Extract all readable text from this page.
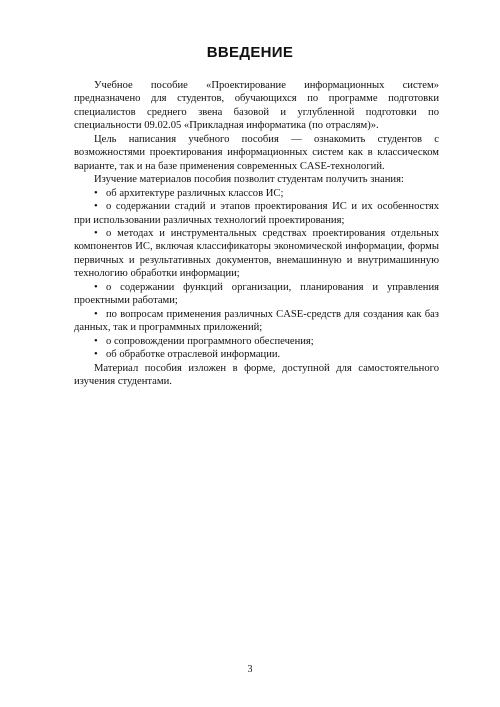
ВВЕДЕНИЕ

Учебное пособие «Проектирование информационных систем» предназначено для студентов, обучающихся по программе подготовки специалистов среднего звена базовой и углубленной подготовки по специальности 09.02.05 «Прикладная информатика (по отраслям)».

Цель написания учебного пособия — ознакомить студентов с возможностями проектирования информационных систем как в классическом варианте, так и на базе применения современных CASE-технологий.

Изучение материалов пособия позволит студентам получить знания:

• об архитектуре различных классов ИС;
• о содержании стадий и этапов проектирования ИС и их особенностях при использовании различных технологий проектирования;
• о методах и инструментальных средствах проектирования отдельных компонентов ИС, включая классификаторы экономической информации, формы первичных и результативных документов, внемашинную и внутримашинную технологию обработки информации;
• о содержании функций организации, планирования и управления проектными работами;
• по вопросам применения различных CASE-средств для создания как баз данных, так и программных приложений;
• о сопровождении программного обеспечения;
• об обработке отраслевой информации.

Материал пособия изложен в форме, доступной для самостоятельного изучения студентами.

3
